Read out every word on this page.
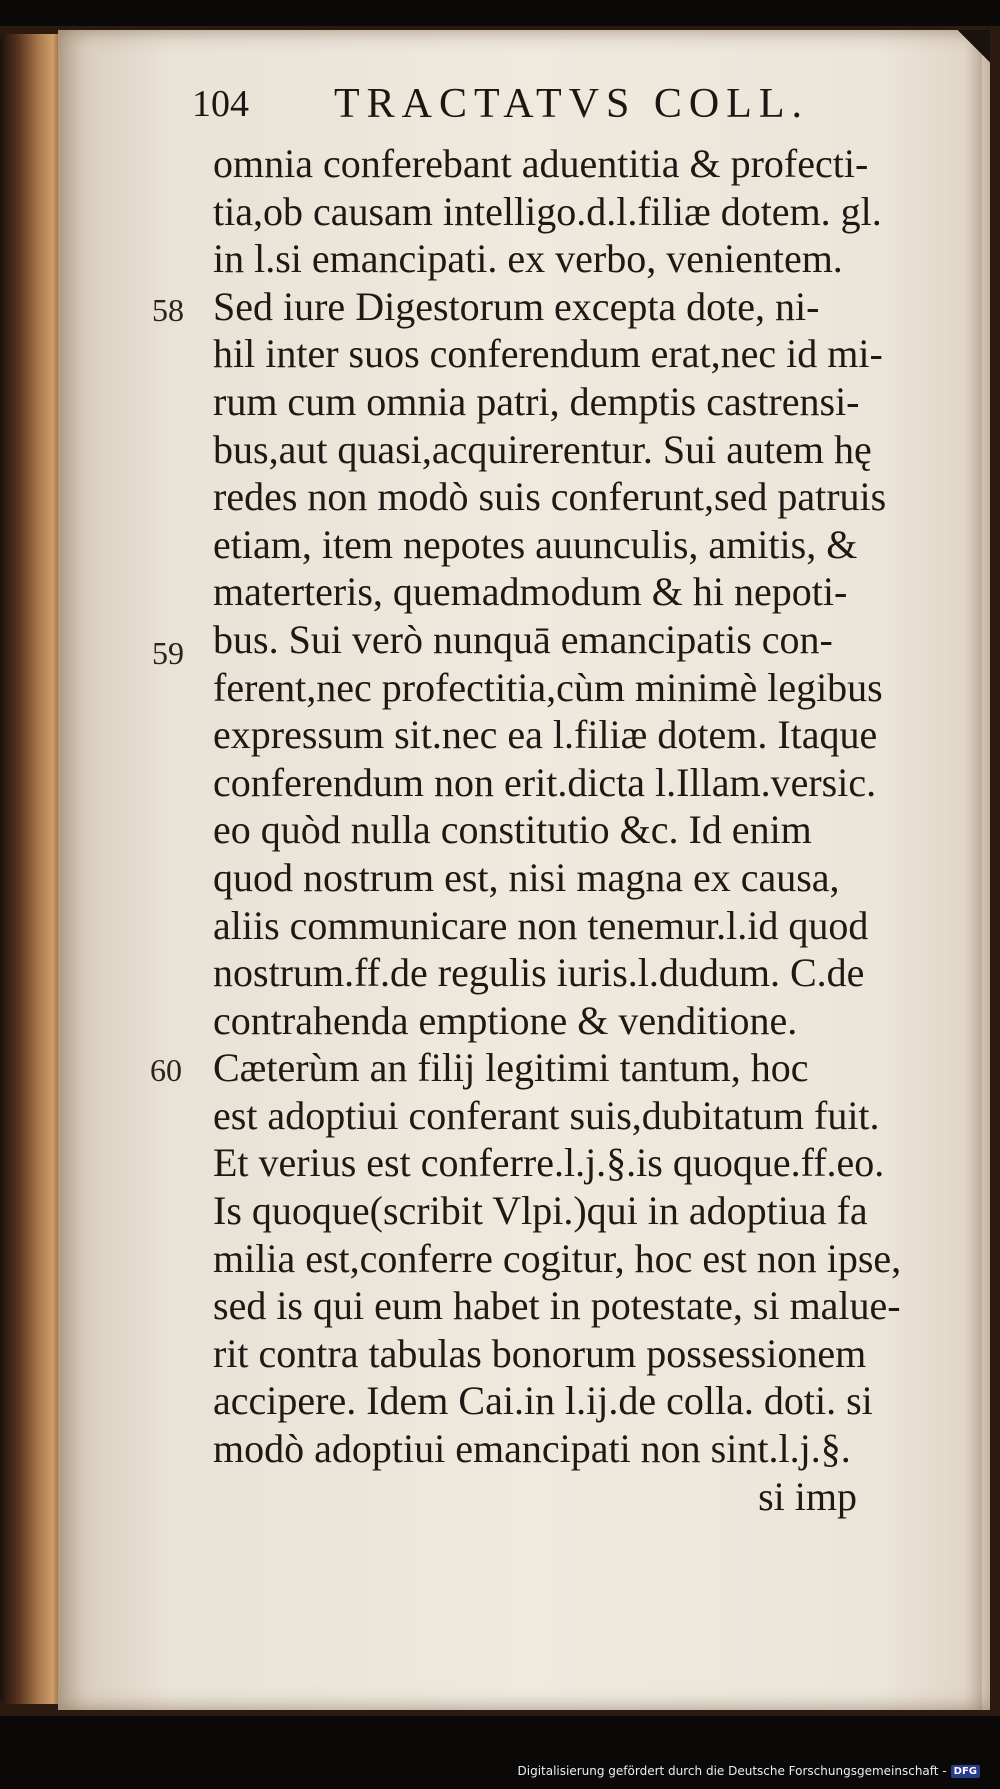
104 TRACTATVS COLL.
omnia conferebant aduentitia & profecti-
tia,ob causam intelligo.d.l.filiæ dotem. gl.
in l.si emancipati. ex verbo, venientem.
Sed iure Digestorum excepta dote, ni-
hil inter suos conferendum erat,nec id mi-
rum cum omnia patri, demptis castrensi-
bus,aut quasi,acquirerentur. Sui autem hę
redes non modò suis conferunt,sed patruis
etiam, item nepotes auunculis, amitis, &
materteris, quemadmodum & hi nepoti-
bus. Sui verò nunquā emancipatis con-
ferent,nec profectitia,cùm minimè legibus
expressum sit.nec ea l.filiæ dotem. Itaque
conferendum non erit.dicta l.Illam.versic.
eo quòd nulla constitutio &c. Id enim
quod nostrum est, nisi magna ex causa,
aliis communicare non tenemur.l.id quod
nostrum.ff.de regulis iuris.l.dudum. C.de
contrahenda emptione & venditione.
Cæterùm an filij legitimi tantum, hoc
est adoptiui conferant suis,dubitatum fuit.
Et verius est conferre.l.j.§.is quoque.ff.eo.
Is quoque(scribit Vlpi.)qui in adoptiua fa
milia est,conferre cogitur, hoc est non ipse,
sed is qui eum habet in potestate, si malue-
rit contra tabulas bonorum possessionem
accipere. Idem Cai.in l.ij.de colla. doti. si
modò adoptiui emancipati non sint.l.j.§.
si imp
58
59
60
Digitalisierung gefördert durch die Deutsche Forschungsgemeinschaft - DFG
